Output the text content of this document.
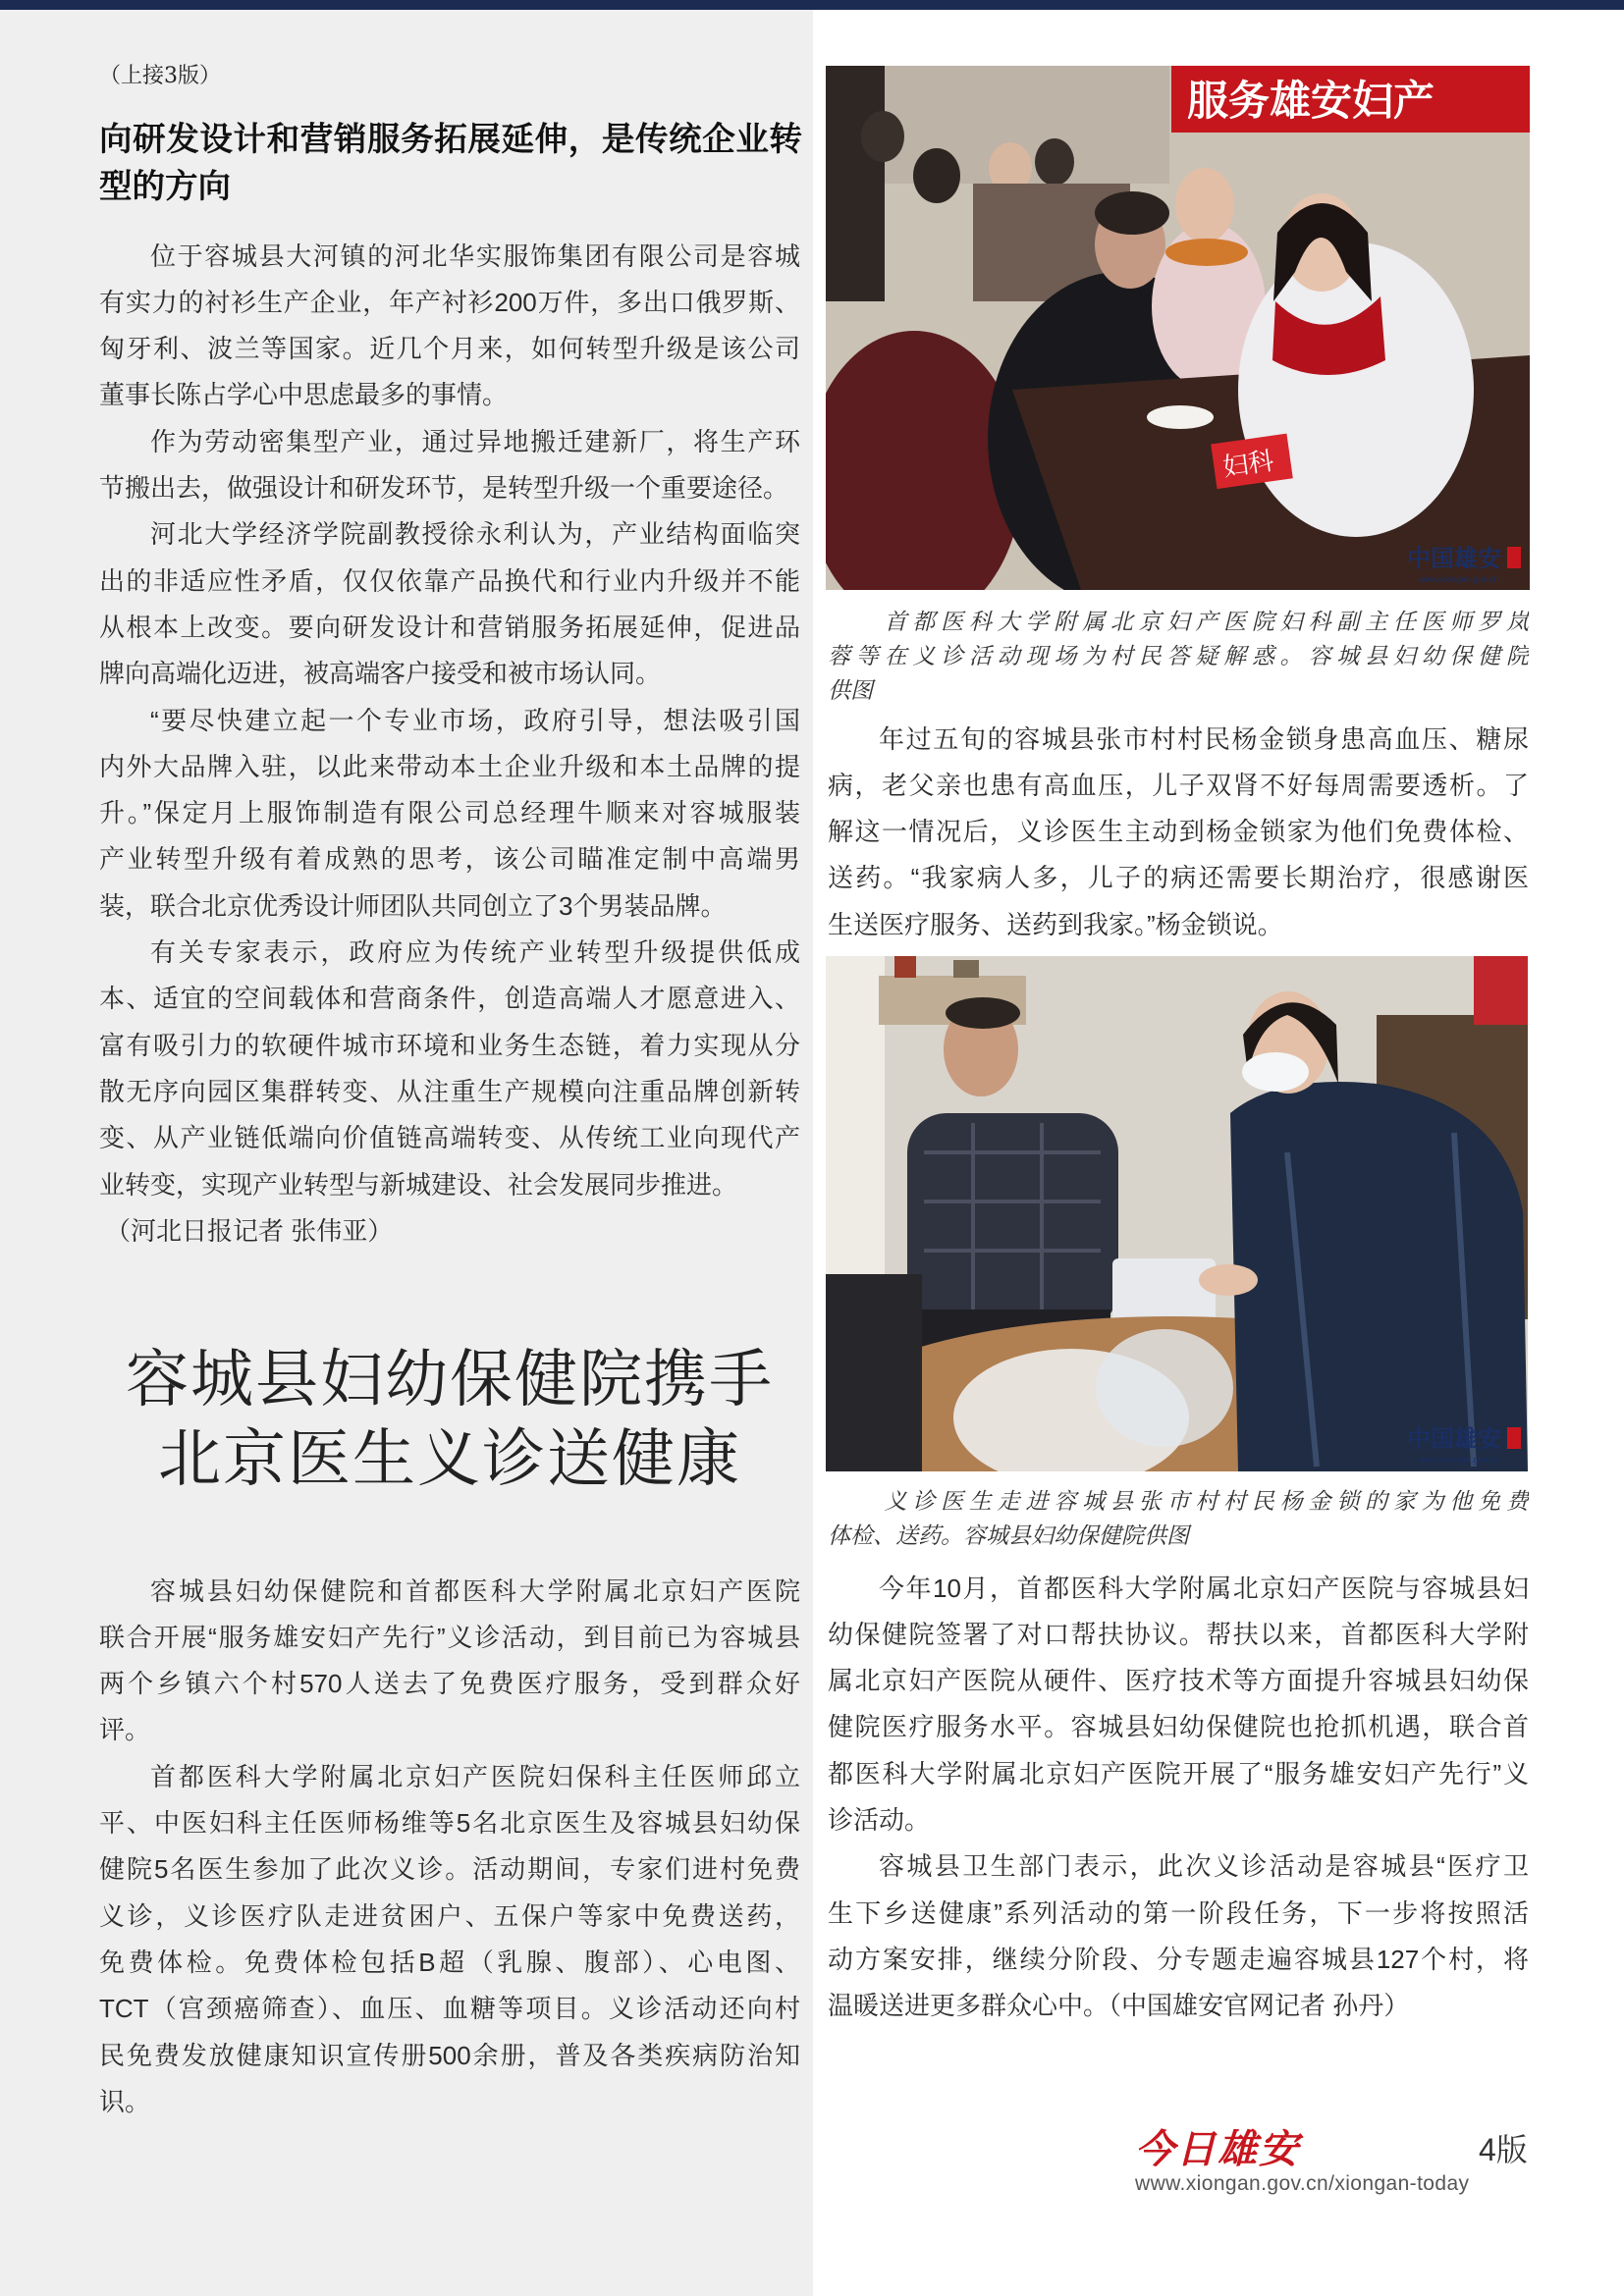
（上接3版）
向研发设计和营销服务拓展延伸，是传统企业转
型的方向
位于容城县大河镇的河北华实服饰集团有限公司是容城
有实力的衬衫生产企业，年产衬衫200万件，多出口俄罗斯、
匈牙利、波兰等国家。近几个月来，如何转型升级是该公司
董事长陈占学心中思虑最多的事情。
作为劳动密集型产业，通过异地搬迁建新厂，将生产环
节搬出去，做强设计和研发环节，是转型升级一个重要途径。
河北大学经济学院副教授徐永利认为，产业结构面临突
出的非适应性矛盾，仅仅依靠产品换代和行业内升级并不能
从根本上改变。要向研发设计和营销服务拓展延伸，促进品
牌向高端化迈进，被高端客户接受和被市场认同。
“要尽快建立起一个专业市场，政府引导，想法吸引国
内外大品牌入驻，以此来带动本土企业升级和本土品牌的提
升。”保定月上服饰制造有限公司总经理牛顺来对容城服装
产业转型升级有着成熟的思考，该公司瞄准定制中高端男
装，联合北京优秀设计师团队共同创立了3个男装品牌。
有关专家表示，政府应为传统产业转型升级提供低成
本、适宜的空间载体和营商条件，创造高端人才愿意进入、
富有吸引力的软硬件城市环境和业务生态链，着力实现从分
散无序向园区集群转变、从注重生产规模向注重品牌创新转
变、从产业链低端向价值链高端转变、从传统工业向现代产
业转变，实现产业转型与新城建设、社会发展同步推进。
（河北日报记者 张伟亚）
容城县妇幼保健院携手
北京医生义诊送健康
容城县妇幼保健院和首都医科大学附属北京妇产医院
联合开展“服务雄安妇产先行”义诊活动，到目前已为容城县
两个乡镇六个村570人送去了免费医疗服务，受到群众好
评。
首都医科大学附属北京妇产医院妇保科主任医师邱立
平、中医妇科主任医师杨维等5名北京医生及容城县妇幼保
健院5名医生参加了此次义诊。活动期间，专家们进村免费
义诊，义诊医疗队走进贫困户、五保户等家中免费送药，
免费体检。免费体检包括B超（乳腺、腹部）、心电图、
TCT（宫颈癌筛查）、血压、血糖等项目。义诊活动还向村
民免费发放健康知识宣传册500余册，普及各类疾病防治知
识。
服务雄安妇产
妇科
中国雄安
www.xiongan.gov.cn
首都医科大学附属北京妇产医院妇科副主任医师罗岚
蓉等在义诊活动现场为村民答疑解惑。容城县妇幼保健院
供图
年过五旬的容城县张市村村民杨金锁身患高血压、糖尿
病，老父亲也患有高血压，儿子双肾不好每周需要透析。了
解这一情况后，义诊医生主动到杨金锁家为他们免费体检、
送药。“我家病人多，儿子的病还需要长期治疗，很感谢医
生送医疗服务、送药到我家。”杨金锁说。
中国雄安
www.xiongan.gov.cn
义诊医生走进容城县张市村村民杨金锁的家为他免费
体检、送药。容城县妇幼保健院供图
今年10月，首都医科大学附属北京妇产医院与容城县妇
幼保健院签署了对口帮扶协议。帮扶以来，首都医科大学附
属北京妇产医院从硬件、医疗技术等方面提升容城县妇幼保
健院医疗服务水平。容城县妇幼保健院也抢抓机遇，联合首
都医科大学附属北京妇产医院开展了“服务雄安妇产先行”义
诊活动。
容城县卫生部门表示，此次义诊活动是容城县“医疗卫
生下乡送健康”系列活动的第一阶段任务，下一步将按照活
动方案安排，继续分阶段、分专题走遍容城县127个村，将
温暖送进更多群众心中。（中国雄安官网记者 孙丹）
今日雄安	4版
www.xiongan.gov.cn/xiongan-today
